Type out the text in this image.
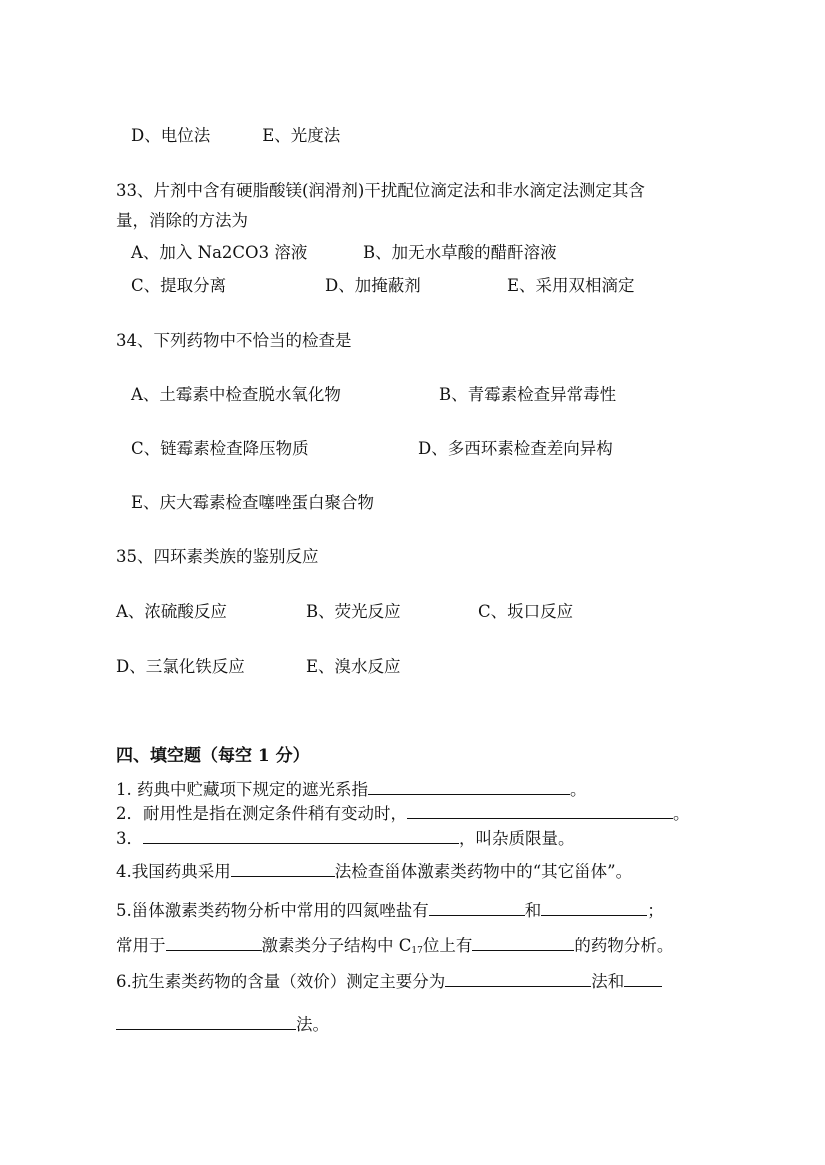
D、电位法	E、光度法
33、片剂中含有硬脂酸镁(润滑剂)干扰配位滴定法和非水滴定法测定其含
量，消除的方法为
A、加入 Na2CO3 溶液	B、加无水草酸的醋酐溶液
C、提取分离	D、加掩蔽剂	E、采用双相滴定
34、下列药物中不恰当的检查是
A、土霉素中检查脱水氧化物	B、青霉素检查异常毒性
C、链霉素检查降压物质	D、多西环素检查差向异构
E、庆大霉素检查噻唑蛋白聚合物
35、四环素类族的鉴别反应
A、浓硫酸反应	B、荧光反应	C、坂口反应
D、三氯化铁反应	E、溴水反应
四、填空题（每空 1 分）
1. 药典中贮藏项下规定的遮光系指	。
2．耐用性是指在测定条件稍有变动时，	。
3．	，叫杂质限量。
4.我国药典采用	法检查甾体激素类药物中的“其它甾体”。
5.甾体激素类药物分析中常用的四氮唑盐有	和	；
常用于	激素类分子结构中 $C_{17}$位上有	的药物分析。
6.抗生素类药物的含量（效价）测定主要分为	法和
法。
